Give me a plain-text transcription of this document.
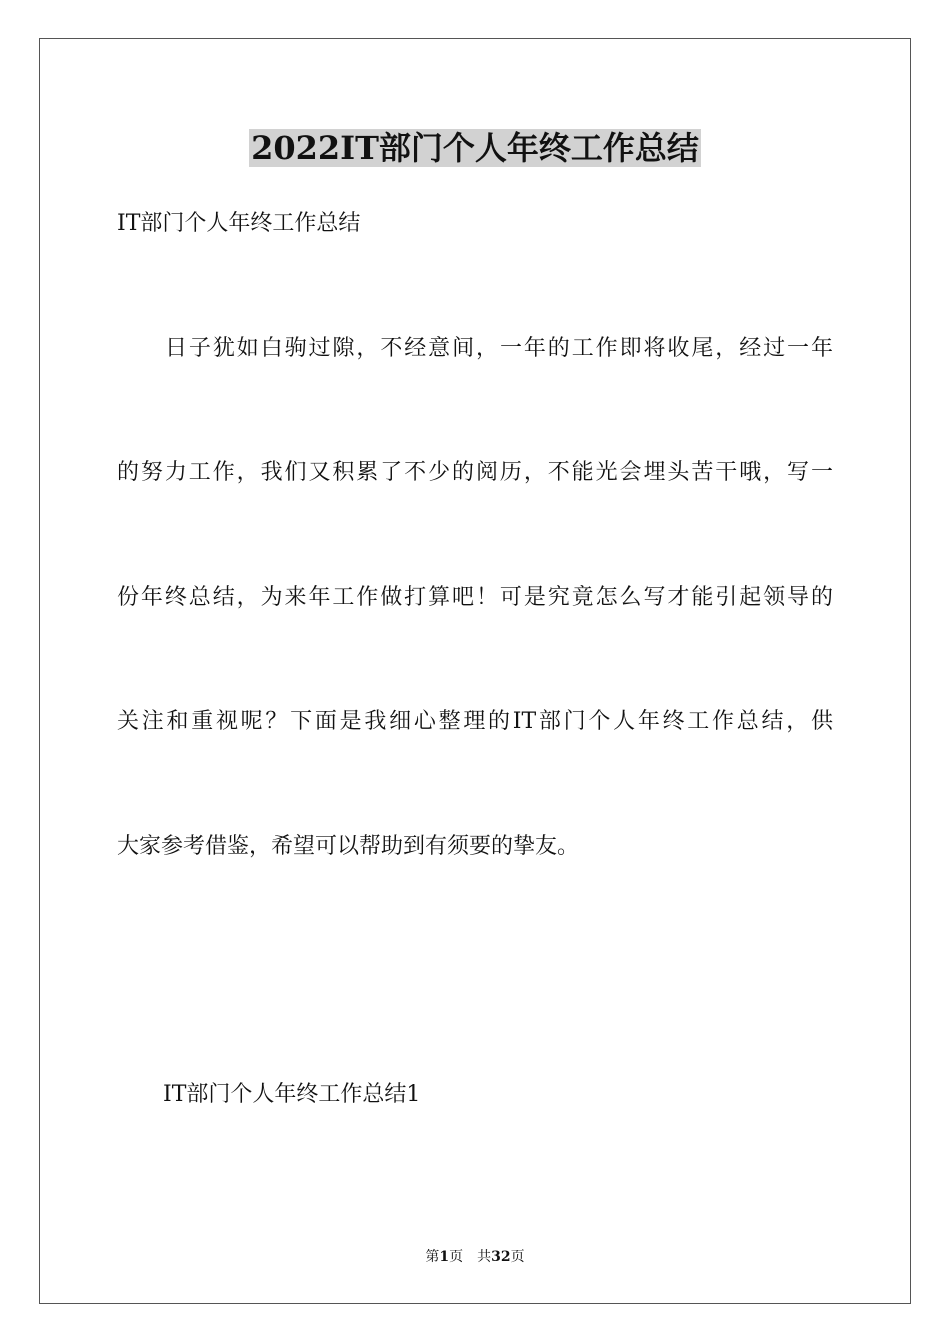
2022IT部门个人年终工作总结
IT部门个人年终工作总结
日子犹如白驹过隙，不经意间，一年的工作即将收尾，经过一年
的努力工作，我们又积累了不少的阅历，不能光会埋头苦干哦，写一
份年终总结，为来年工作做打算吧！可是究竟怎么写才能引起领导的
关注和重视呢？下面是我细心整理的IT部门个人年终工作总结，供
大家参考借鉴，希望可以帮助到有须要的挚友。
IT部门个人年终工作总结1
第1页　共32页
